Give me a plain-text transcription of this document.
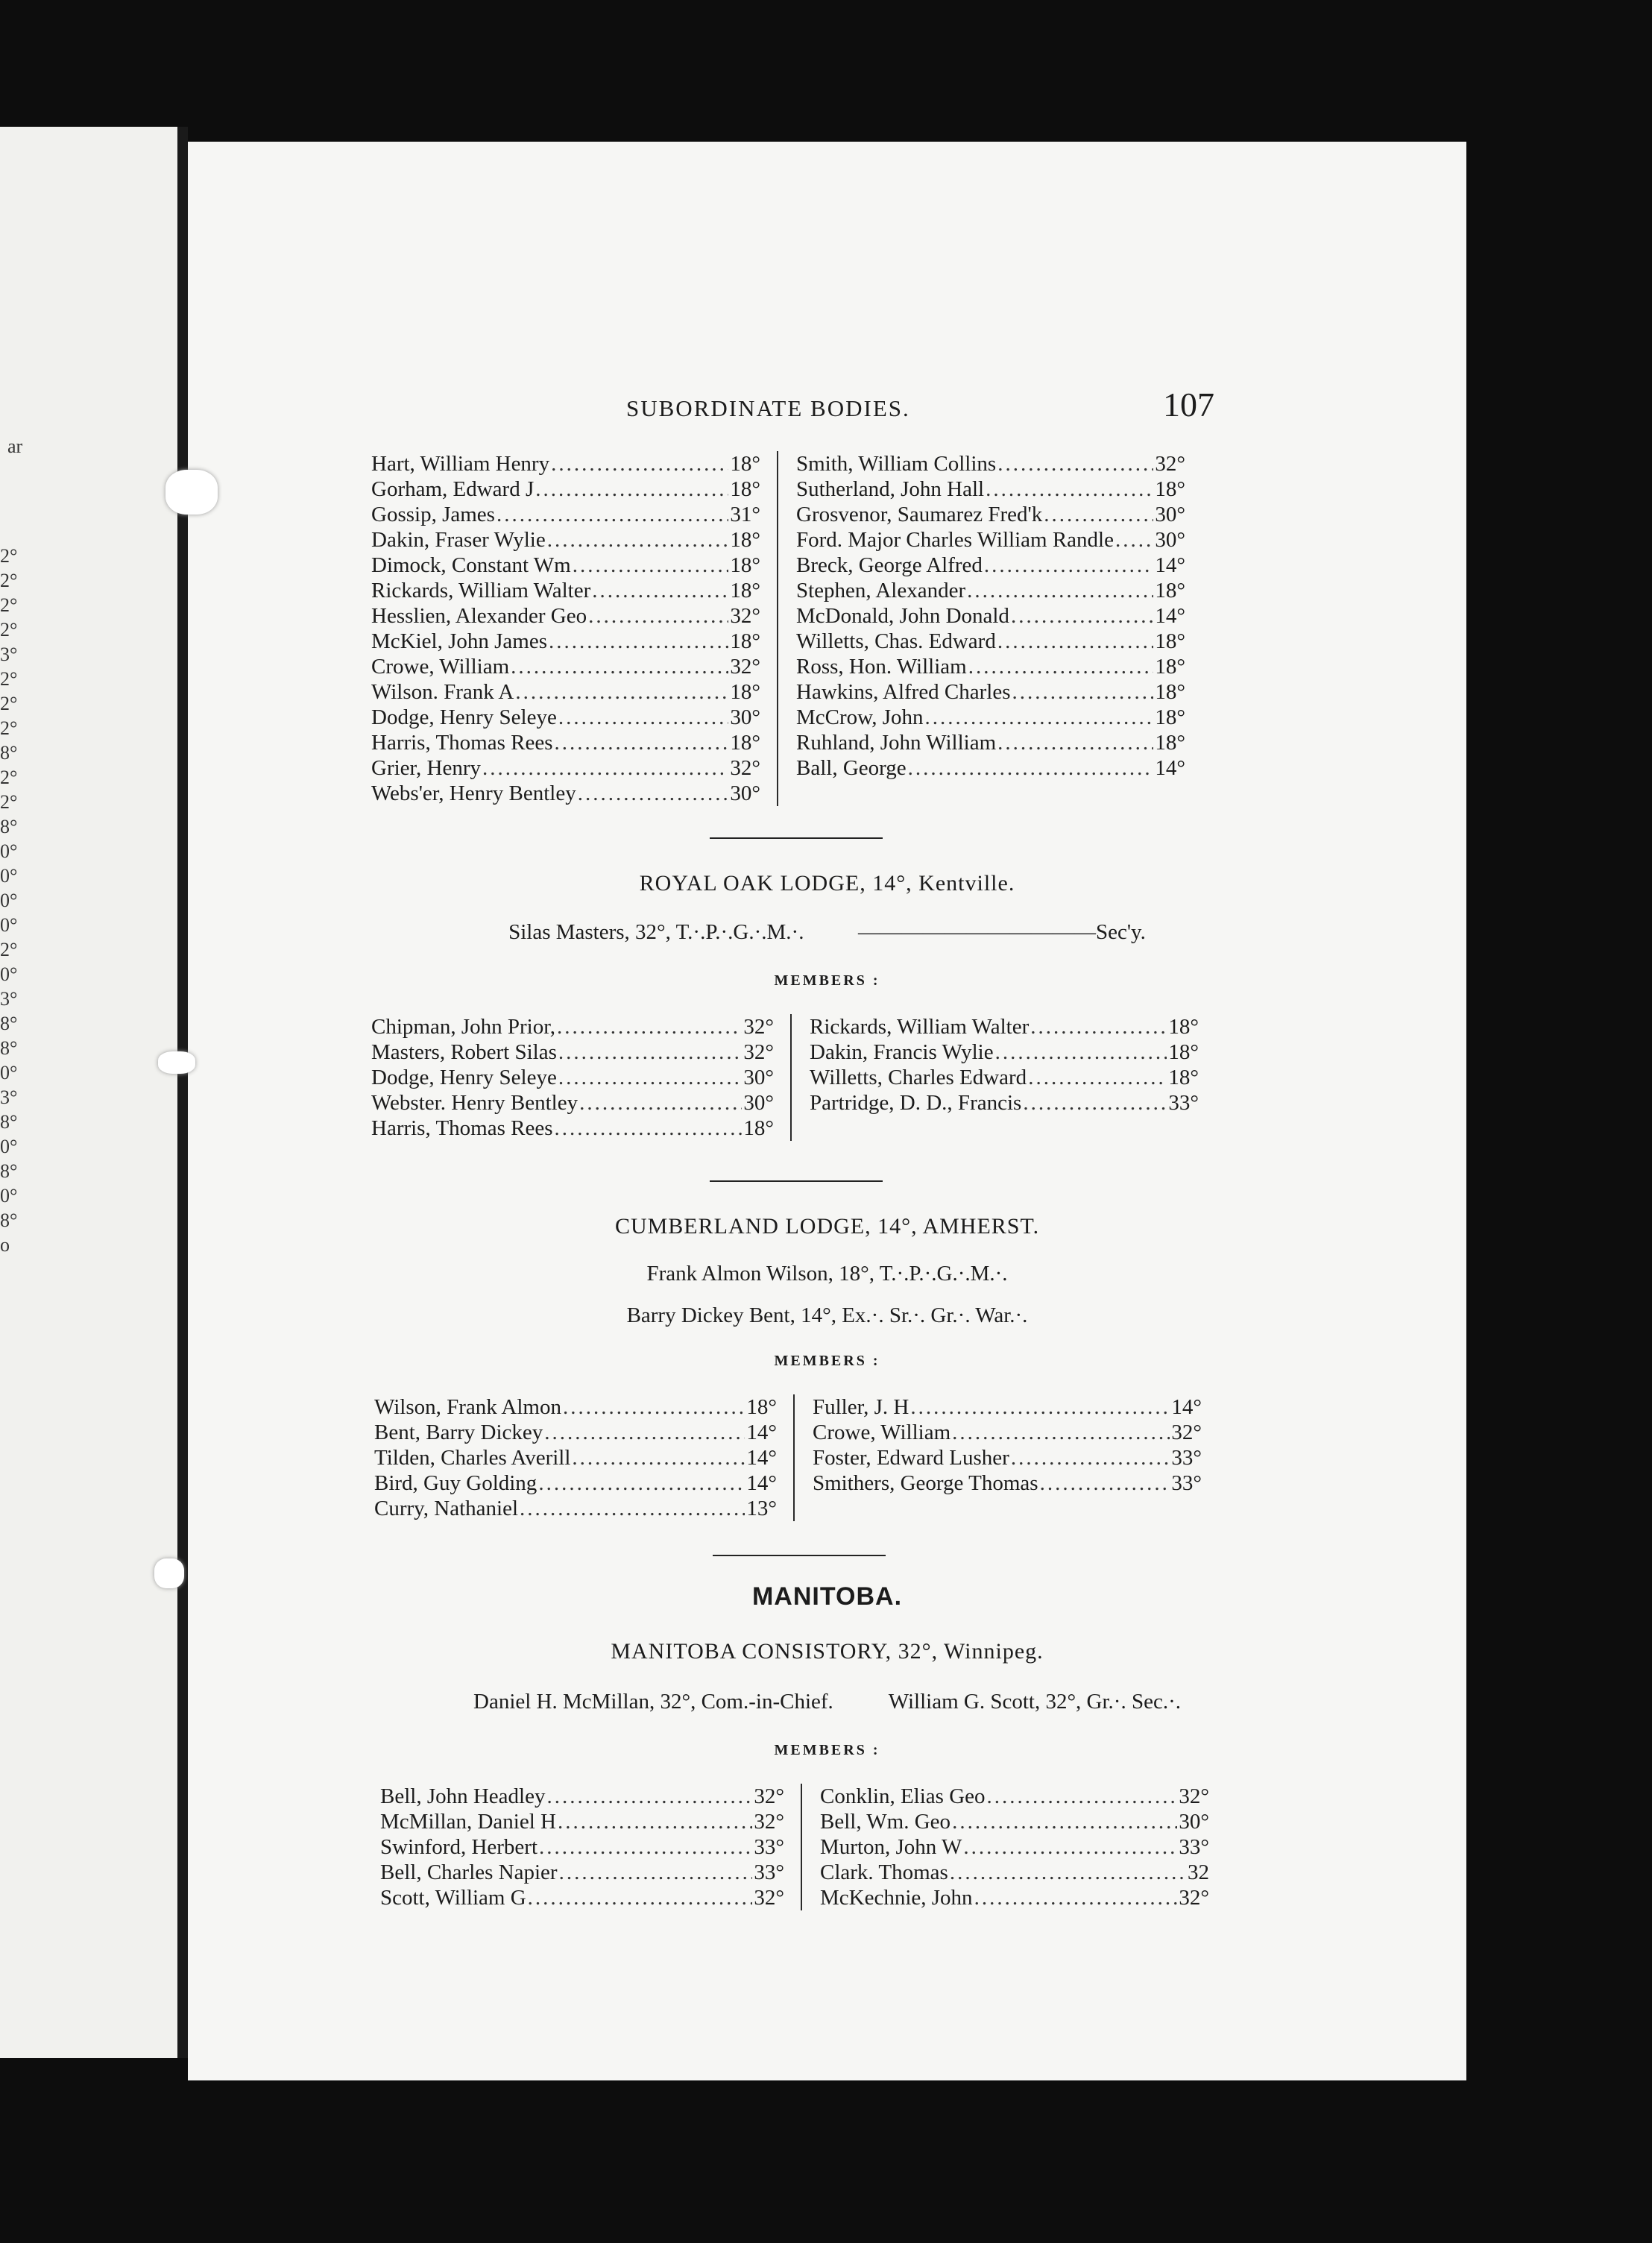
ar
2°
2°
2°
2°
3°
2°
2°
2°
8°
2°
2°
8°
0°
0°
0°
0°
2°
0°
3°
8°
8°
0°
3°
8°
0°
8°
0°
8°
o
SUBORDINATE BODIES.	107
Hart, William Henry .....	18°
Gorham, Edward J .....	18°
Gossip, James .....	31°
Dakin, Fraser Wylie .....	18°
Dimock, Constant Wm .....	18°
Rickards, William Walter .....	18°
Hesslien, Alexander Geo .....	32°
McKiel, John James .....	18°
Crowe, William .....	32°
Wilson. Frank A .....	18°
Dodge, Henry Seleye .....	30°
Harris, Thomas Rees .....	18°
Grier, Henry .....	32°
Webs'er, Henry Bentley .....	30°
Smith, William Collins .....	32°
Sutherland, John Hall .....	18°
Grosvenor, Saumarez Fred'k .....	30°
Ford. Major Charles William Randle ..... 30°
Breck, George Alfred .....	14°
Stephen, Alexander .....	18°
McDonald, John Donald .....	14°
Willetts, Chas. Edward .....	18°
Ross, Hon. William .....	18°
Hawkins, Alfred Charles .....	18°
McCrow, John .....	18°
Ruhland, John William .....	18°
Ball, George .....	14°
ROYAL OAK LODGE, 14°, Kentville.
Silas Masters, 32°, T.·.P.·.G.·.M.·.          ———————————Sec'y.
MEMBERS :
Chipman, John Prior, .....	32°
Masters, Robert Silas .....	32°
Dodge, Henry Seleye .....	30°
Webster. Henry Bentley .....	30°
Harris, Thomas Rees .....	18°
Rickards, William Walter .....	18°
Dakin, Francis Wylie .....	18°
Willetts, Charles Edward .....	18°
Partridge, D. D., Francis .....	33°
CUMBERLAND LODGE, 14°, AMHERST.
Frank Almon Wilson, 18°, T.·.P.·.G.·.M.·.
Barry Dickey Bent, 14°, Ex.·. Sr.·. Gr.·. War.·.
MEMBERS :
Wilson, Frank Almon .....	18°
Bent, Barry Dickey .....	14°
Tilden, Charles Averill .....	14°
Bird, Guy Golding .....	14°
Curry, Nathaniel .....	13°
Fuller, J. H .....	14°
Crowe, William .....	32°
Foster, Edward Lusher .....	33°
Smithers, George Thomas .....	33°
MANITOBA.
MANITOBA CONSISTORY, 32°, Winnipeg.
Daniel H. McMillan, 32°, Com.-in-Chief.	William G. Scott, 32°, Gr.·. Sec.·.
MEMBERS :
Bell, John Headley .....	32°
McMillan, Daniel H .....	32°
Swinford, Herbert .....	33°
Bell, Charles Napier .....	33°
Scott, William G .....	32°
Conklin, Elias Geo .....	32°
Bell, Wm. Geo .....	30°
Murton, John W .....	33°
Clark. Thomas .....	32
McKechnie, John .....	32°
